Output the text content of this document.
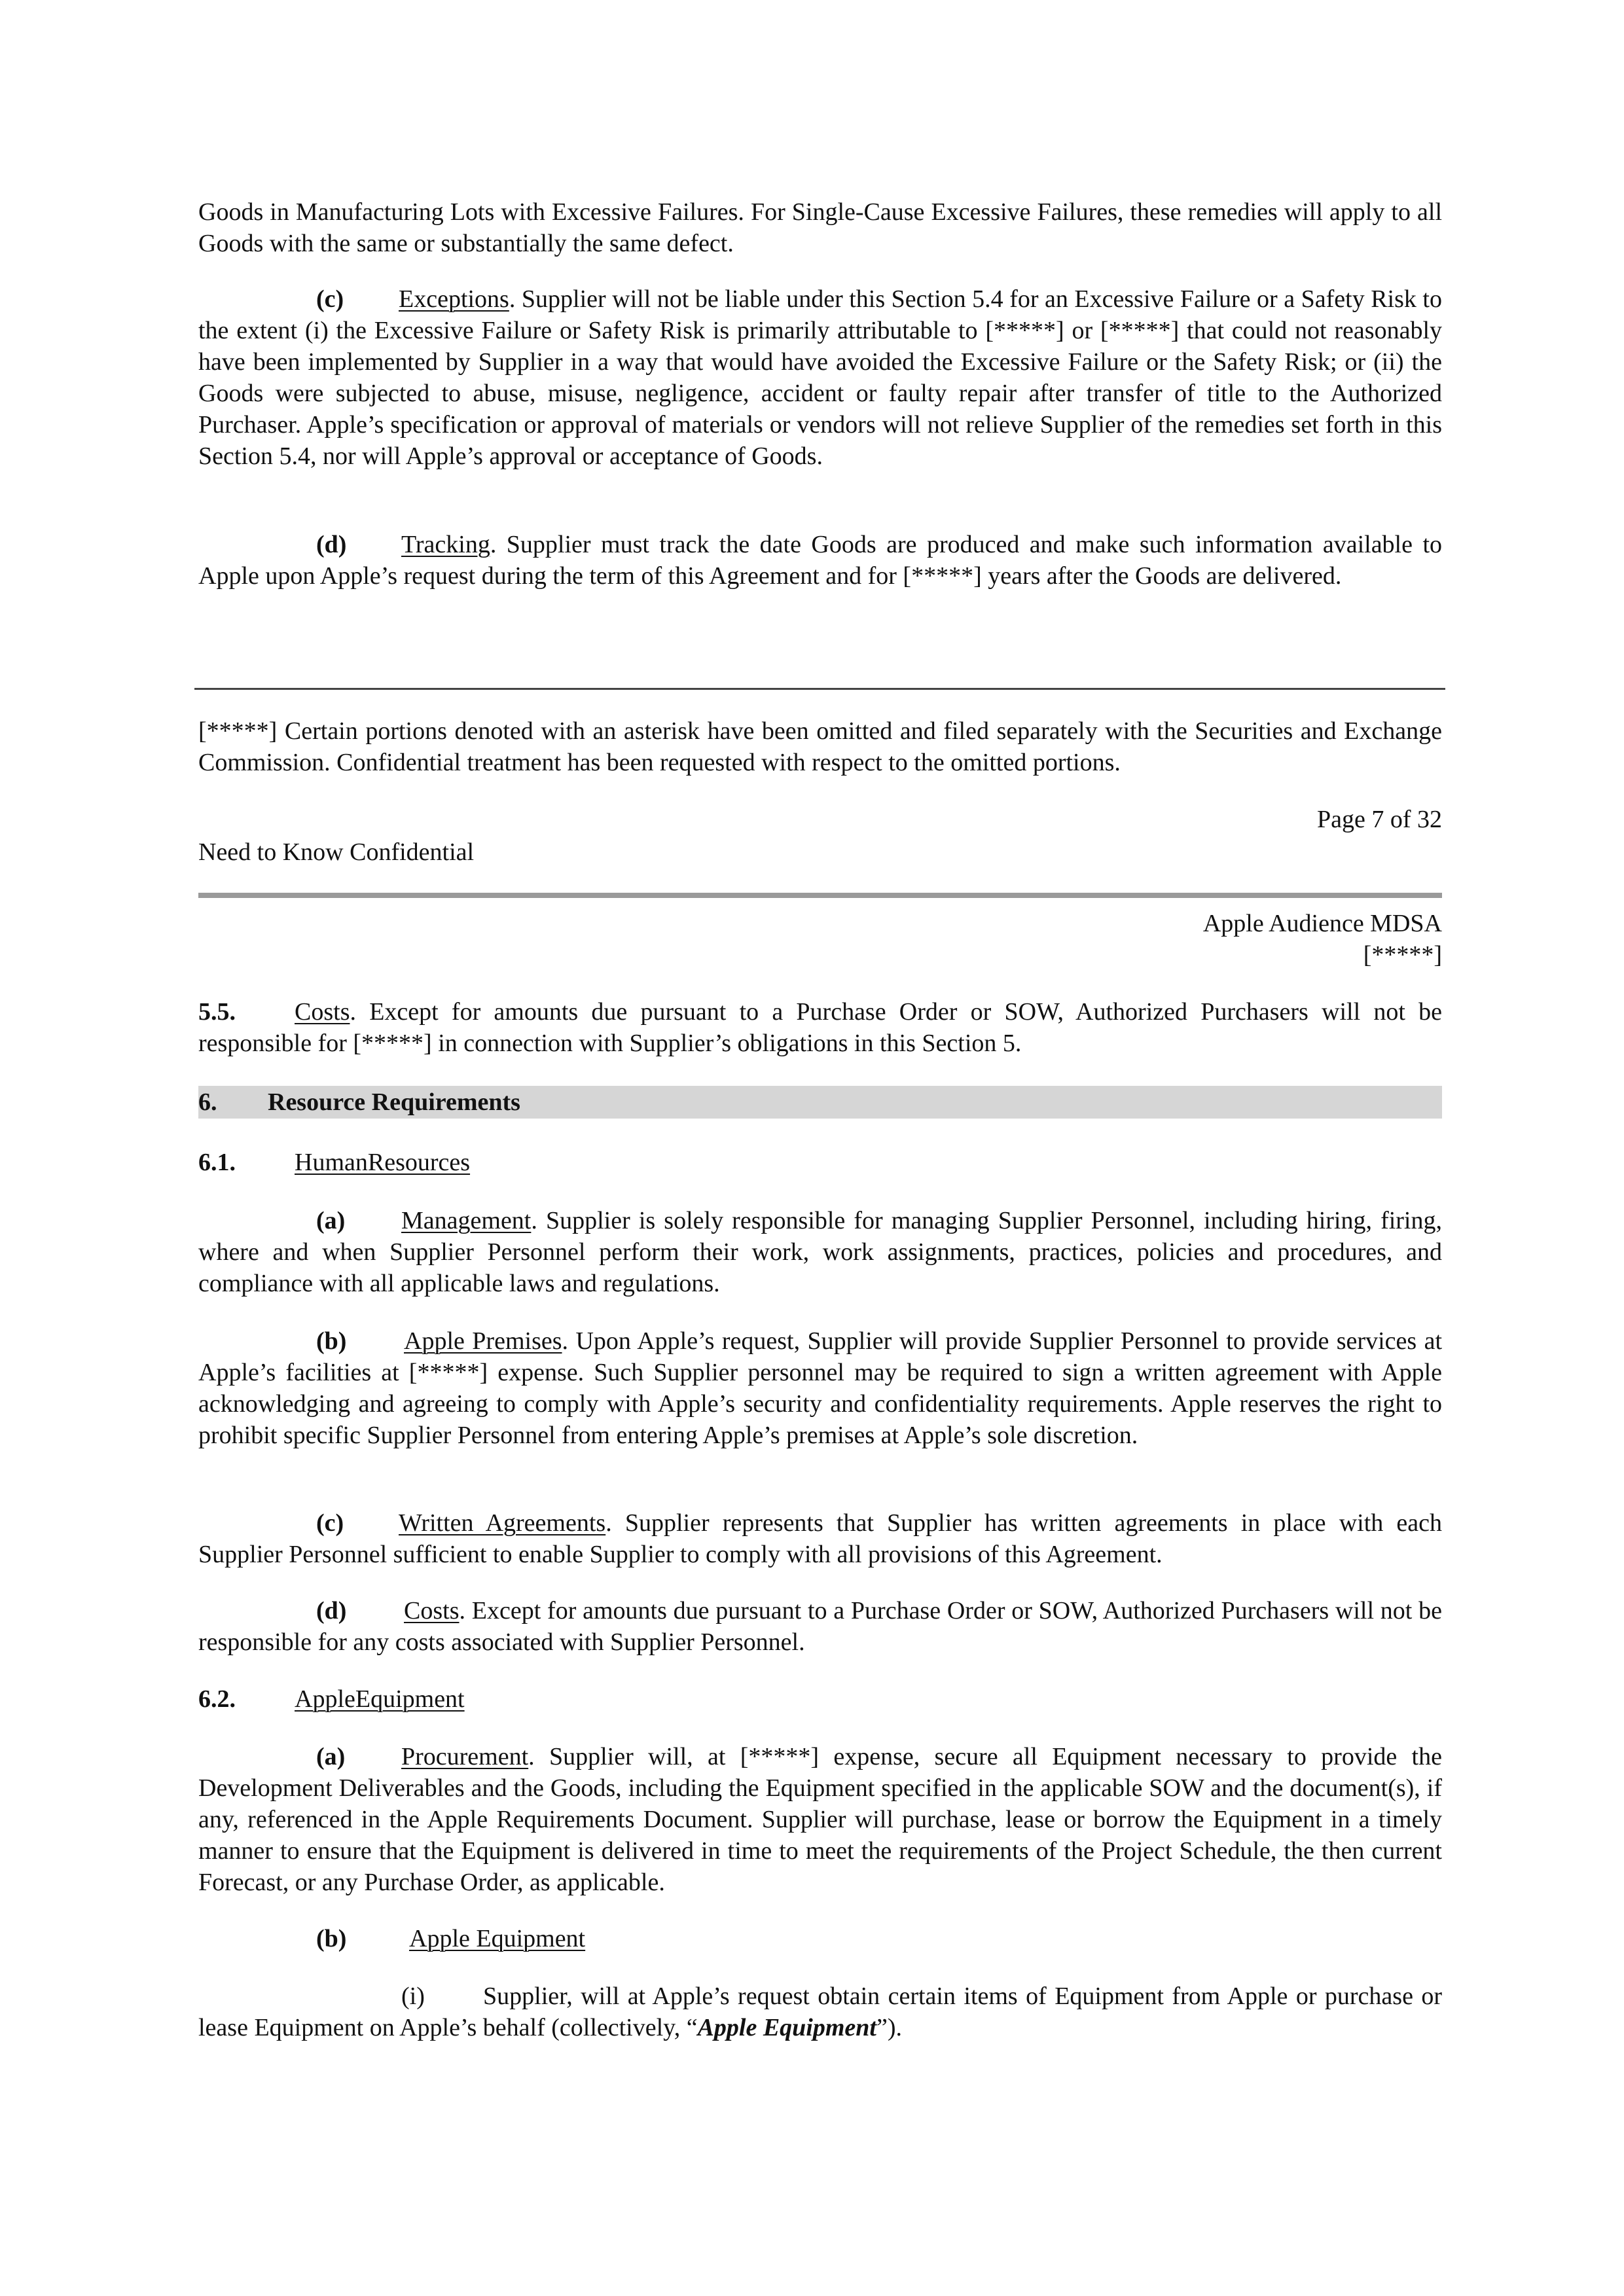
Goods in Manufacturing Lots with Excessive Failures. For Single-Cause Excessive Failures, these remedies will apply to all Goods with the same or substantially the same defect.

(c) Exceptions. Supplier will not be liable under this Section 5.4 for an Excessive Failure or a Safety Risk to the extent (i) the Excessive Failure or Safety Risk is primarily attributable to [*****] or [*****] that could not reasonably have been implemented by Supplier in a way that would have avoided the Excessive Failure or the Safety Risk; or (ii) the Goods were subjected to abuse, misuse, negligence, accident or faulty repair after transfer of title to the Authorized Purchaser. Apple’s specification or approval of materials or vendors will not relieve Supplier of the remedies set forth in this Section 5.4, nor will Apple’s approval or acceptance of Goods.

(d) Tracking. Supplier must track the date Goods are produced and make such information available to Apple upon Apple’s request during the term of this Agreement and for [*****] years after the Goods are delivered.

[*****] Certain portions denoted with an asterisk have been omitted and filed separately with the Securities and Exchange Commission. Confidential treatment has been requested with respect to the omitted portions.

Page 7 of 32

Need to Know Confidential

Apple Audience MDSA

[*****]

5.5. Costs. Except for amounts due pursuant to a Purchase Order or SOW, Authorized Purchasers will not be responsible for [*****] in connection with Supplier’s obligations in this Section 5.

6. Resource Requirements

6.1. HumanResources

(a) Management. Supplier is solely responsible for managing Supplier Personnel, including hiring, firing, where and when Supplier Personnel perform their work, work assignments, practices, policies and procedures, and compliance with all applicable laws and regulations.

(b) Apple Premises. Upon Apple’s request, Supplier will provide Supplier Personnel to provide services at Apple’s facilities at [*****] expense. Such Supplier personnel may be required to sign a written agreement with Apple acknowledging and agreeing to comply with Apple’s security and confidentiality requirements. Apple reserves the right to prohibit specific Supplier Personnel from entering Apple’s premises at Apple’s sole discretion.

(c) Written Agreements. Supplier represents that Supplier has written agreements in place with each Supplier Personnel sufficient to enable Supplier to comply with all provisions of this Agreement.

(d) Costs. Except for amounts due pursuant to a Purchase Order or SOW, Authorized Purchasers will not be responsible for any costs associated with Supplier Personnel.

6.2. AppleEquipment

(a) Procurement. Supplier will, at [*****] expense, secure all Equipment necessary to provide the Development Deliverables and the Goods, including the Equipment specified in the applicable SOW and the document(s), if any, referenced in the Apple Requirements Document. Supplier will purchase, lease or borrow the Equipment in a timely manner to ensure that the Equipment is delivered in time to meet the requirements of the Project Schedule, the then current Forecast, or any Purchase Order, as applicable.

(b)	Apple Equipment

(i) Supplier, will at Apple’s request obtain certain items of Equipment from Apple or purchase or lease Equipment on Apple’s behalf (collectively, “Apple Equipment”).
